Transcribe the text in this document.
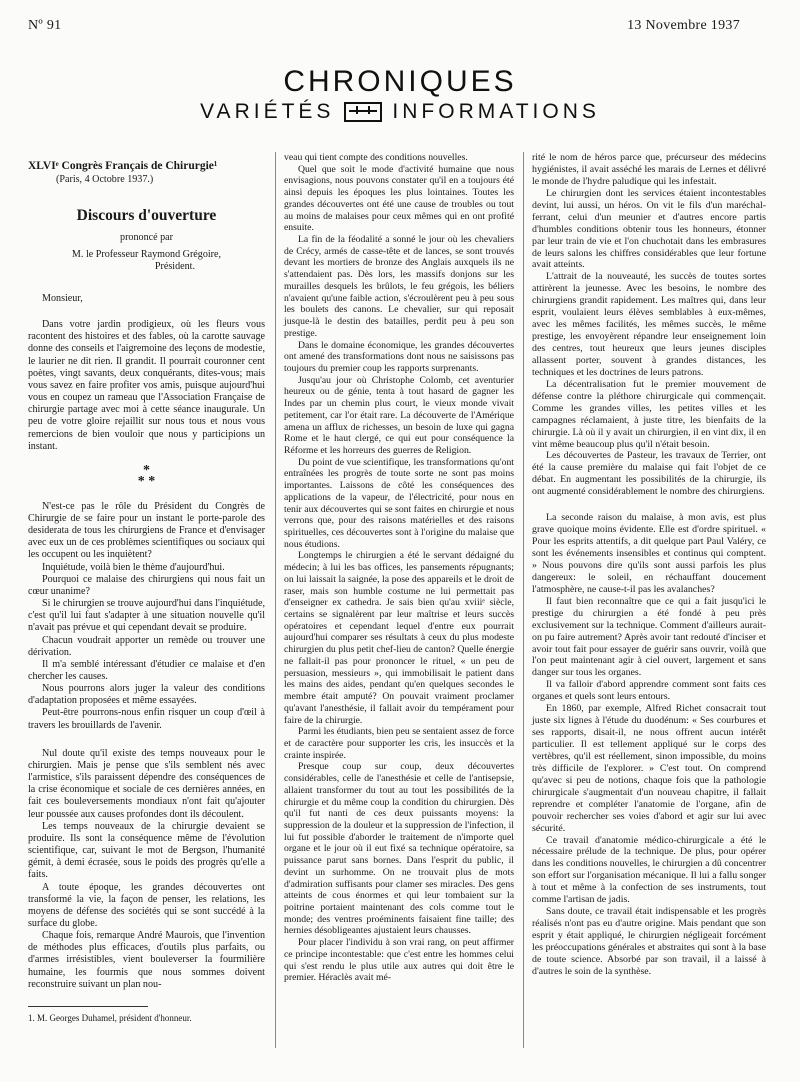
Nº 91	13 Novembre 1937
CHRONIQUES
VARIÉTÉS	INFORMATIONS

XLVIᵉ Congrès Français de Chirurgie¹

(Paris, 4 Octobre 1937.)

Discours d'ouverture

prononcé par

M. le Professeur Raymond Grégoire,

Président.

Monsieur,

Dans votre jardin prodigieux, où les fleurs vous racontent des histoires et des fables, où la carotte sauvage donne des conseils et l'aigremoine des leçons de modestie, le laurier ne dit rien. Il grandit. Il pourrait couronner cent poètes, vingt savants, deux conquérants, dites-vous; mais vous savez en faire profiter vos amis, puisque aujourd'hui vous en coupez un rameau que l'Association Française de chirurgie partage avec moi à cette séance inaugurale. Un peu de votre gloire rejaillit sur nous tous et nous vous remercions de bien vouloir que nous y participions un instant.

*
* *

N'est-ce pas le rôle du Président du Congrès de Chirurgie de se faire pour un instant le porte-parole des desiderata de tous les chirurgiens de France et d'envisager avec eux un de ces problèmes scientifiques ou sociaux qui les occupent ou les inquiètent?

Inquiétude, voilà bien le thème d'aujourd'hui.

Pourquoi ce malaise des chirurgiens qui nous fait un cœur unanime?

Si le chirurgien se trouve aujourd'hui dans l'inquiétude, c'est qu'il lui faut s'adapter à une situation nouvelle qu'il n'avait pas prévue et qui cependant devait se produire.

Chacun voudrait apporter un remède ou trouver une dérivation.

Il m'a semblé intéressant d'étudier ce malaise et d'en chercher les causes.

Nous pourrons alors juger la valeur des conditions d'adaptation proposées et même essayées.

Peut-être pourrons-nous enfin risquer un coup d'œil à travers les brouillards de l'avenir.

Nul doute qu'il existe des temps nouveaux pour le chirurgien. Mais je pense que s'ils semblent nés avec l'armistice, s'ils paraissent dépendre des conséquences de la crise économique et sociale de ces dernières années, en fait ces bouleversements mondiaux n'ont fait qu'ajouter leur poussée aux causes profondes dont ils découlent.

Les temps nouveaux de la chirurgie devaient se produire. Ils sont la conséquence même de l'évolution scientifique, car, suivant le mot de Bergson, l'humanité gémit, à demi écrasée, sous le poids des progrès qu'elle a faits.

A toute époque, les grandes découvertes ont transformé la vie, la façon de penser, les relations, les moyens de défense des sociétés qui se sont succédé à la surface du globe.

Chaque fois, remarque André Maurois, que l'invention de méthodes plus efficaces, d'outils plus parfaits, ou d'armes irrésistibles, vient bouleverser la fourmilière humaine, les fourmis que nous sommes doivent reconstruire suivant un plan nou-

veau qui tient compte des conditions nouvelles.

Quel que soit le mode d'activité humaine que nous envisagions, nous pouvons constater qu'il en a toujours été ainsi depuis les époques les plus lointaines. Toutes les grandes découvertes ont été une cause de troubles ou tout au moins de malaises pour ceux mêmes qui en ont profité ensuite.

La fin de la féodalité a sonné le jour où les chevaliers de Crécy, armés de casse-tête et de lances, se sont trouvés devant les mortiers de bronze des Anglais auxquels ils ne s'attendaient pas. Dès lors, les massifs donjons sur les murailles desquels les brûlots, le feu grégois, les béliers n'avaient qu'une faible action, s'écroulèrent peu à peu sous les boulets des canons. Le chevalier, sur qui reposait jusque-là le destin des batailles, perdit peu à peu son prestige.

Dans le domaine économique, les grandes découvertes ont amené des transformations dont nous ne saisissons pas toujours du premier coup les rapports surprenants.

Jusqu'au jour où Christophe Colomb, cet aventurier heureux ou de génie, tenta à tout hasard de gagner les Indes par un chemin plus court, le vieux monde vivait petitement, car l'or était rare. La découverte de l'Amérique amena un afflux de richesses, un besoin de luxe qui gagna Rome et le haut clergé, ce qui eut pour conséquence la Réforme et les horreurs des guerres de Religion.

Du point de vue scientifique, les transformations qu'ont entraînées les progrès de toute sorte ne sont pas moins importantes. Laissons de côté les conséquences des applications de la vapeur, de l'électricité, pour nous en tenir aux découvertes qui se sont faites en chirurgie et nous verrons que, pour des raisons matérielles et des raisons spirituelles, ces découvertes sont à l'origine du malaise que nous étudions.

Longtemps le chirurgien a été le servant dédaigné du médecin; à lui les bas offices, les pansements répugnants; on lui laissait la saignée, la pose des appareils et le droit de raser, mais son humble costume ne lui permettait pas d'enseigner ex cathedra. Je sais bien qu'au xviiiᵉ siècle, certains se signalèrent par leur maîtrise et leurs succès opératoires et cependant lequel d'entre eux pourrait aujourd'hui comparer ses résultats à ceux du plus modeste chirurgien du plus petit chef-lieu de canton? Quelle énergie ne fallait-il pas pour prononcer le rituel, « un peu de persuasion, messieurs », qui immobilisait le patient dans les mains des aides, pendant qu'en quelques secondes le membre était amputé? On pouvait vraiment proclamer qu'avant l'anesthésie, il fallait avoir du tempérament pour faire de la chirurgie.

Parmi les étudiants, bien peu se sentaient assez de force et de caractère pour supporter les cris, les insuccès et la crainte inspirée.

Presque coup sur coup, deux découvertes considérables, celle de l'anesthésie et celle de l'antisepsie, allaient transformer du tout au tout les possibilités de la chirurgie et du même coup la condition du chirurgien. Dès qu'il fut nanti de ces deux puissants moyens: la suppression de la douleur et la suppression de l'infection, il lui fut possible d'aborder le traitement de n'importe quel organe et le jour où il eut fixé sa technique opératoire, sa puissance parut sans bornes. Dans l'esprit du public, il devint un surhomme. On ne trouvait plus de mots d'admiration suffisants pour clamer ses miracles. Des gens atteints de cous énormes et qui leur tombaient sur la poitrine portaient maintenant des cols comme tout le monde; des ventres proéminents faisaient fine taille; des hernies désobligeantes ajustaient leurs chausses.

Pour placer l'individu à son vrai rang, on peut affirmer ce principe incontestable: que c'est entre les hommes celui qui s'est rendu le plus utile aux autres qui doit être le premier. Héraclès avait mé-

rité le nom de héros parce que, précurseur des médecins hygiénistes, il avait asséché les marais de Lernes et délivré le monde de l'hydre paludique qui les infestait.

Le chirurgien dont les services étaient incontestables devint, lui aussi, un héros. On vit le fils d'un maréchal-ferrant, celui d'un meunier et d'autres encore partis d'humbles conditions obtenir tous les honneurs, étonner par leur train de vie et l'on chuchotait dans les embrasures de leurs salons les chiffres considérables que leur fortune avait atteints.

L'attrait de la nouveauté, les succès de toutes sortes attirèrent la jeunesse. Avec les besoins, le nombre des chirurgiens grandit rapidement. Les maîtres qui, dans leur esprit, voulaient leurs élèves semblables à eux-mêmes, avec les mêmes facilités, les mêmes succès, le même prestige, les envoyèrent répandre leur enseignement loin des centres, tout heureux que leurs jeunes disciples allassent porter, souvent à grandes distances, les techniques et les doctrines de leurs patrons.

La décentralisation fut le premier mouvement de défense contre la pléthore chirurgicale qui commençait. Comme les grandes villes, les petites villes et les campagnes réclamaient, à juste titre, les bienfaits de la chirurgie. Là où il y avait un chirurgien, il en vint dix, il en vint même beaucoup plus qu'il n'était besoin.

Les découvertes de Pasteur, les travaux de Terrier, ont été la cause première du malaise qui fait l'objet de ce débat. En augmentant les possibilités de la chirurgie, ils ont augmenté considérablement le nombre des chirurgiens.

La seconde raison du malaise, à mon avis, est plus grave quoique moins évidente. Elle est d'ordre spirituel. « Pour les esprits attentifs, a dit quelque part Paul Valéry, ce sont les événements insensibles et continus qui comptent. » Nous pouvons dire qu'ils sont aussi parfois les plus dangereux: le soleil, en réchauffant doucement l'atmosphère, ne cause-t-il pas les avalanches?

Il faut bien reconnaître que ce qui a fait jusqu'ici le prestige du chirurgien a été fondé à peu près exclusivement sur la technique. Comment d'ailleurs aurait-on pu faire autrement? Après avoir tant redouté d'inciser et avoir tout fait pour essayer de guérir sans ouvrir, voilà que l'on peut maintenant agir à ciel ouvert, largement et sans danger sur tous les organes.

Il va falloir d'abord apprendre comment sont faits ces organes et quels sont leurs entours.

En 1860, par exemple, Alfred Richet consacrait tout juste six lignes à l'étude du duodénum: « Ses courbures et ses rapports, disait-il, ne nous offrent aucun intérêt particulier. Il est tellement appliqué sur le corps des vertèbres, qu'il est réellement, sinon impossible, du moins très difficile de l'explorer. » C'est tout. On comprend qu'avec si peu de notions, chaque fois que la pathologie chirurgicale s'augmentait d'un nouveau chapitre, il fallait reprendre et compléter l'anatomie de l'organe, afin de pouvoir rechercher ses voies d'abord et agir sur lui avec sécurité.

Ce travail d'anatomie médico-chirurgicale a été le nécessaire prélude de la technique. De plus, pour opérer dans les conditions nouvelles, le chirurgien a dû concentrer son effort sur l'organisation mécanique. Il lui a fallu songer à tout et même à la confection de ses instruments, tout comme l'artisan de jadis.

Sans doute, ce travail était indispensable et les progrès réalisés n'ont pas eu d'autre origine. Mais pendant que son esprit y était appliqué, le chirurgien négligeait forcément les préoccupations générales et abstraites qui sont à la base de toute science. Absorbé par son travail, il a laissé à d'autres le soin de la synthèse.

1. M. Georges Duhamel, président d'honneur.
